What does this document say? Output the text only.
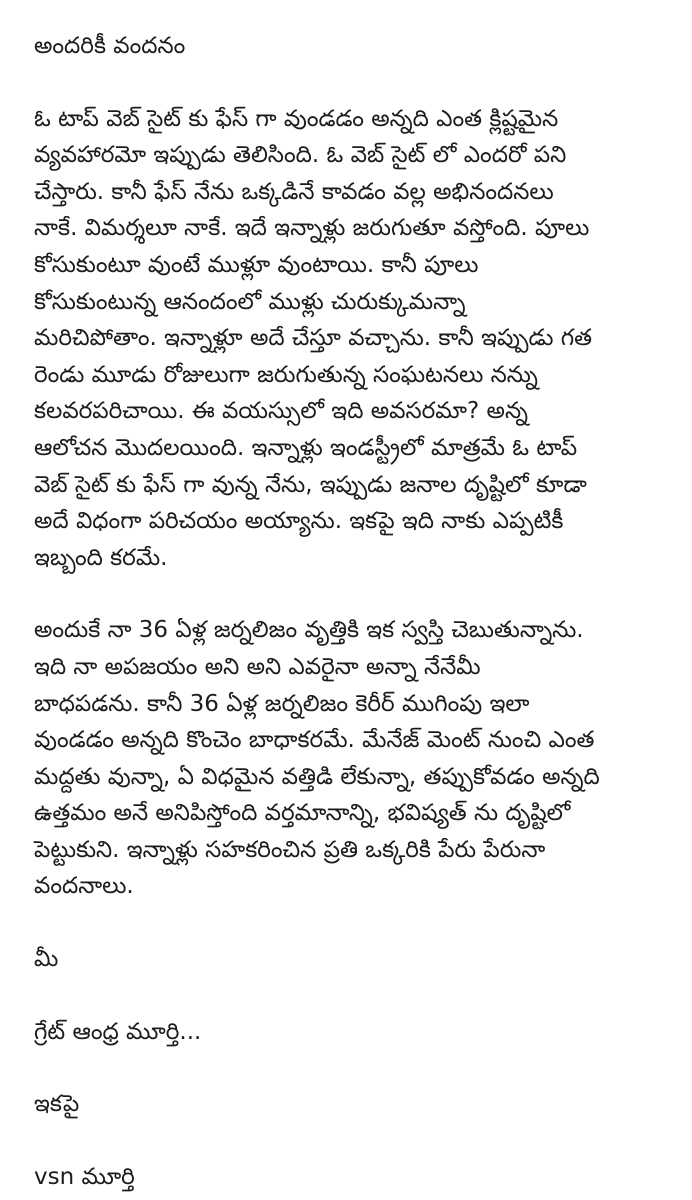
అందరికీ వందనం

ఓ టాప్ వెబ్ సైట్ కు ఫేస్ గా వుండడం అన్నది ఎంత క్లిష్టమైన
వ్యవహారమో ఇప్పుడు తెలిసింది. ఓ వెబ్ సైట్ లో ఎందరో పని
చేస్తారు. కానీ ఫేస్ నేను ఒక్కడినే కావడం వల్ల అభినందనలు
నాకే. విమర్శలూ నాకే. ఇదే ఇన్నాళ్లు జరుగుతూ వస్తోంది. పూలు
కోసుకుంటూ వుంటే ముళ్లూ వుంటాయి. కానీ పూలు
కోసుకుంటున్న ఆనందంలో ముళ్లు చురుక్కుమన్నా
మరిచిపోతాం. ఇన్నాళ్లూ అదే చేస్తూ వచ్చాను. కానీ ఇప్పుడు గత
రెండు మూడు రోజులుగా జరుగుతున్న సంఘటనలు నన్ను
కలవరపరిచాయి. ఈ వయస్సులో ఇది అవసరమా? అన్న
ఆలోచన మొదలయింది. ఇన్నాళ్లు ఇండస్ట్రీలో మాత్రమే ఓ టాప్
వెబ్ సైట్ కు ఫేస్ గా వున్న నేను, ఇప్పుడు జనాల దృష్టిలో కూడా
అదే విధంగా పరిచయం అయ్యాను. ఇకపై ఇది నాకు ఎప్పటికీ
ఇబ్బంది కరమే.

అందుకే నా 36 ఏళ్ల జర్నలిజం వృత్తికి ఇక స్వస్తి చెబుతున్నాను.
ఇది నా అపజయం అని అని ఎవరైనా అన్నా నేనేమీ
బాధపడను. కానీ 36 ఏళ్ల జర్నలిజం కెరీర్ ముగింపు ఇలా
వుండడం అన్నది కొంచెం బాధాకరమే. మేనేజ్ మెంట్ నుంచి ఎంత
మద్దతు వున్నా, ఏ విధమైన వత్తిడి లేకున్నా, తప్పుకోవడం అన్నది
ఉత్తమం అనే అనిపిస్తోంది వర్తమానాన్ని, భవిష్యత్ ను దృష్టిలో
పెట్టుకుని. ఇన్నాళ్లు సహకరించిన ప్రతి ఒక్కరికి పేరు పేరునా
వందనాలు.

మీ

గ్రేట్ ఆంధ్ర మూర్తి...

ఇకపై

vsn మూర్తి
